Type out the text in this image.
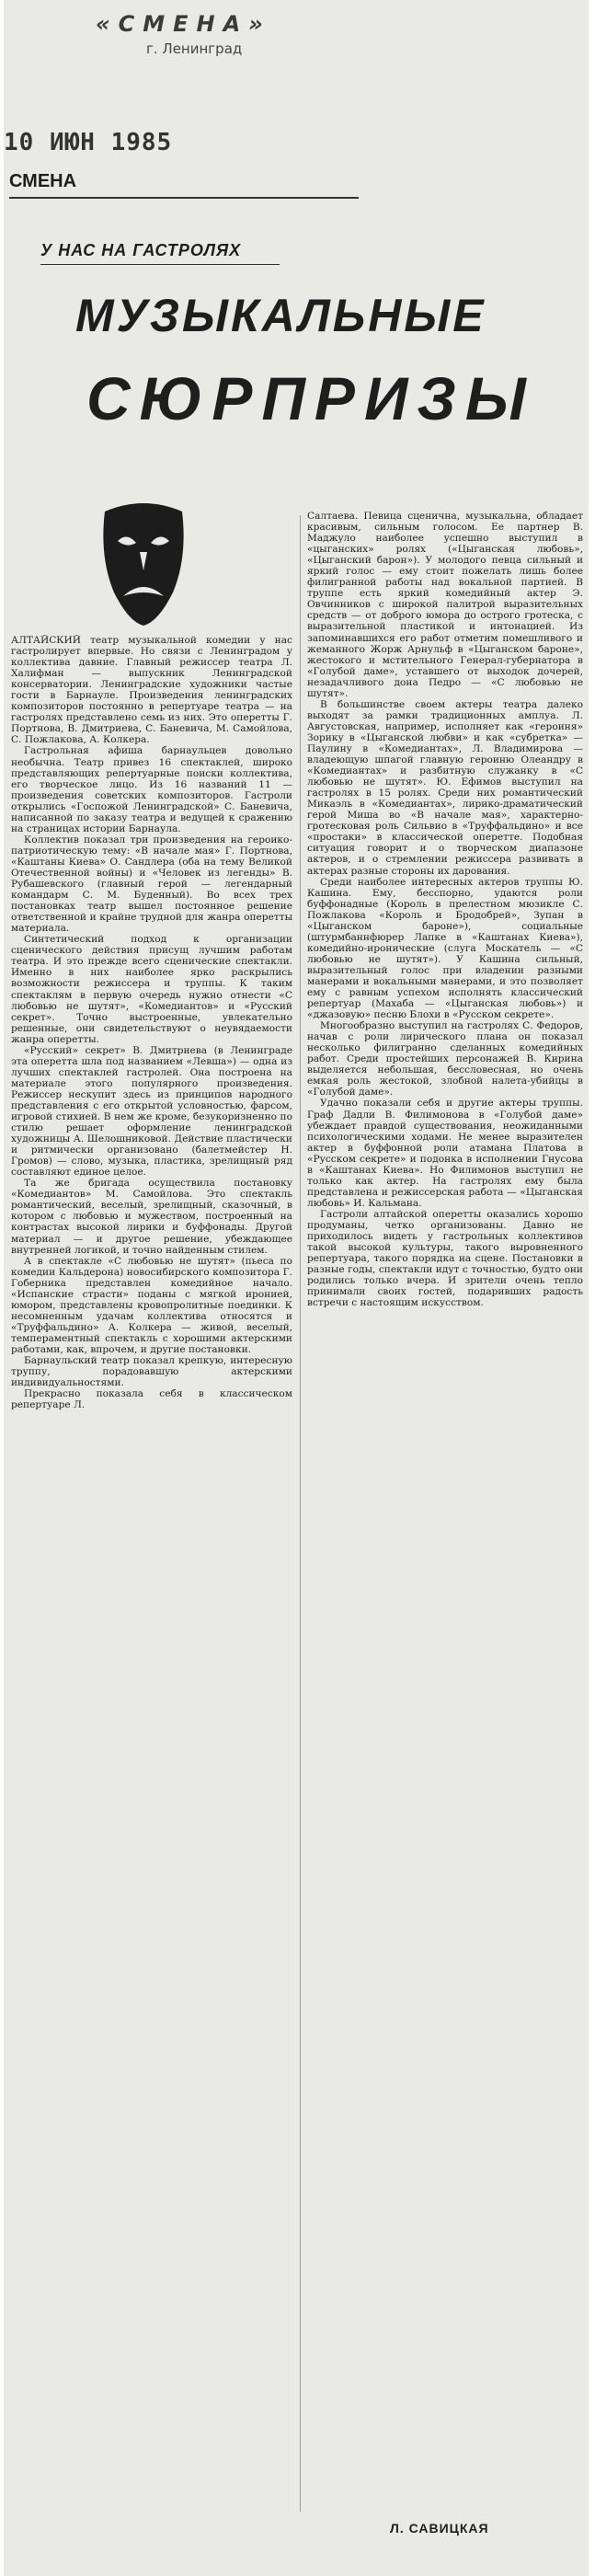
«СМЕНА»
г. Ленинград
10 ИЮН 1985
СМЕНА
У НАС НА ГАСТРОЛЯХ
МУЗЫКАЛЬНЫЕ
СЮРПРИЗЫ

АЛТАЙСКИЙ театр музыкальной комедии у нас гастролирует впервые. Но связи с Ленинградом у коллектива давние. Главный режиссер театра Л. Халифман — выпускник Ленинградской консерватории. Ленинградские художники частые гости в Барнауле. Произведения ленинградских композиторов постоянно в репертуаре театра — на гастролях представлено семь из них. Это оперетты Г. Портнова, В. Дмитриева, С. Баневича, М. Самойлова, С. Пожлакова, А. Колкера.

Гастрольная афиша барнаульцев довольно необычна. Театр привез 16 спектаклей, широко представляющих репертуарные поиски коллектива, его творческое лицо. Из 16 названий 11 — произведения советских композиторов. Гастроли открылись «Госпожой Ленинградской» С. Баневича, написанной по заказу театра и ведущей к сражению на страницах истории Барнаула.

Коллектив показал три произведения на героико-патриотическую тему: «В начале мая» Г. Портнова, «Каштаны Киева» О. Сандлера (оба на тему Великой Отечественной войны) и «Человек из легенды» В. Рубашевского (главный герой — легендарный командарм С. М. Буденный). Во всех трех постановках театр вышел постоянное решение ответственной и крайне трудной для жанра оперетты материала.

Синтетический подход к организации сценического действия присущ лучшим работам театра. И это прежде всего сценические спектакли. Именно в них наиболее ярко раскрылись возможности режиссера и труппы. К таким спектаклям в первую очередь нужно отнести «С любовью не шутят», «Комедиантов» и «Русский секрет». Точно выстроенные, увлекательно решенные, они свидетельствуют о неувядаемости жанра оперетты.

«Русский» секрет» В. Дмитриева (в Ленинграде эта оперетта шла под названием «Левша») — одна из лучших спектаклей гастролей. Она построена на материале этого популярного произведения. Режиссер нескупит здесь из принципов народного представления с его открытой условностью, фарсом, игровой стихией. В нем же кроме, безукоризненно по стилю решает оформление ленинградской художницы А. Шелошниковой. Действие пластически и ритмически организовано (балетмейстер Н. Громов) — слово, музыка, пластика, зрелищный ряд составляют единое целое.

Та же бригада осуществила постановку «Комедиантов» М. Самойлова. Это спектакль романтический, веселый, зрелищный, сказочный, в котором с любовью и мужеством, построенный на контрастах высокой лирики и буффонады. Другой материал — и другое решение, убеждающее внутренней логикой, и точно найденным стилем.

А в спектакле «С любовью не шутят» (пьеса по комедии Кальдерона) новосибирского композитора Г. Гоберника представлен комедийное начало. «Испанские страсти» поданы с мягкой иронией, юмором, представлены кровопролитные поединки. К несомненным удачам коллектива относятся и «Труффальдино» А. Колкера — живой, веселый, темпераментный спектакль с хорошими актерскими работами, как, впрочем, и другие постановки.

Барнаульский театр показал крепкую, интересную труппу, порадовавшую актерскими индивидуальностями.

Прекрасно показала себя в классическом репертуаре Л.

Салтаева. Певица сценична, музыкальна, обладает красивым, сильным голосом. Ее партнер В. Маджуло наиболее успешно выступил в «цыганских» ролях («Цыганская любовь», «Цыганский барон»). У молодого певца сильный и яркий голос — ему стоит пожелать лишь более филигранной работы над вокальной партией. В труппе есть яркий комедийный актер Э. Овчинников с широкой палитрой выразительных средств — от доброго юмора до острого гротеска, с выразительной пластикой и интонацией. Из запоминавшихся его работ отметим помешливого и жеманного Жорж Арнульф в «Цыганском бароне», жестокого и мстительного Генерал-губернатора в «Голубой даме», уставшего от выходок дочерей, незадачливого дона Педро — «С любовью не шутят».

В большинстве своем актеры театра далеко выходят за рамки традиционных амплуа. Л. Августовская, например, исполняет как «героиня» Зорику в «Цыганской любви» и как «субретка» — Паулину в «Комедиантах», Л. Владимирова — владеющую шпагой главную героиню Олеандру в «Комедиантах» и разбитную служанку в «С любовью не шутят». Ю. Ефимов выступил на гастролях в 15 ролях. Среди них романтический Микаэль в «Комедиантах», лирико-драматический герой Миша во «В начале мая», характерно-гротесковая роль Сильвио в «Труффальдино» и все «простаки» в классической оперетте. Подобная ситуация говорит и о творческом диапазоне актеров, и о стремлении режиссера развивать в актерах разные стороны их дарования.

Среди наиболее интересных актеров труппы Ю. Кашина. Ему, бесспорно, удаются роли буффонадные (Король в прелестном мюзикле С. Пожлакова «Король и Бродобрей», Зупан в «Цыганском бароне»), социальные (штурмбаннфюрер Лапке в «Каштанах Киева»), комедийно-иронические (слуга Москатель — «С любовью не шутят»). У Кашина сильный, выразительный голос при владении разными манерами и вокальными манерами, и это позволяет ему с равным успехом исполнять классический репертуар (Махаба — «Цыганская любовь») и «джазовую» песню Блохи в «Русском секрете».

Многообразно выступил на гастролях С. Федоров, начав с роли лирического плана он показал несколько филигранно сделанных комедийных работ. Среди простейших персонажей В. Кирина выделяется небольшая, бессловесная, но очень емкая роль жестокой, злобной налета-убийцы в «Голубой даме».

Удачно показали себя и другие актеры труппы. Граф Дадли В. Филимонова в «Голубой даме» убеждает правдой существования, неожиданными психологическими ходами. Не менее выразителен актер в буффонной роли атамана Платова в «Русском секрете» и подонка в исполнении Гнусова в «Каштанах Киева». Но Филимонов выступил не только как актер. На гастролях ему была представлена и режиссерская работа — «Цыганская любовь» И. Кальмана.

Гастроли алтайской оперетты оказались хорошо продуманы, четко организованы. Давно не приходилось видеть у гастрольных коллективов такой высокой культуры, такого выровненного репертуара, такого порядка на сцене. Постановки в разные годы, спектакли идут с точностью, будто они родились только вчера. И зрители очень тепло принимали своих гостей, подаривших радость встречи с настоящим искусством.

Л. САВИЦКАЯ
